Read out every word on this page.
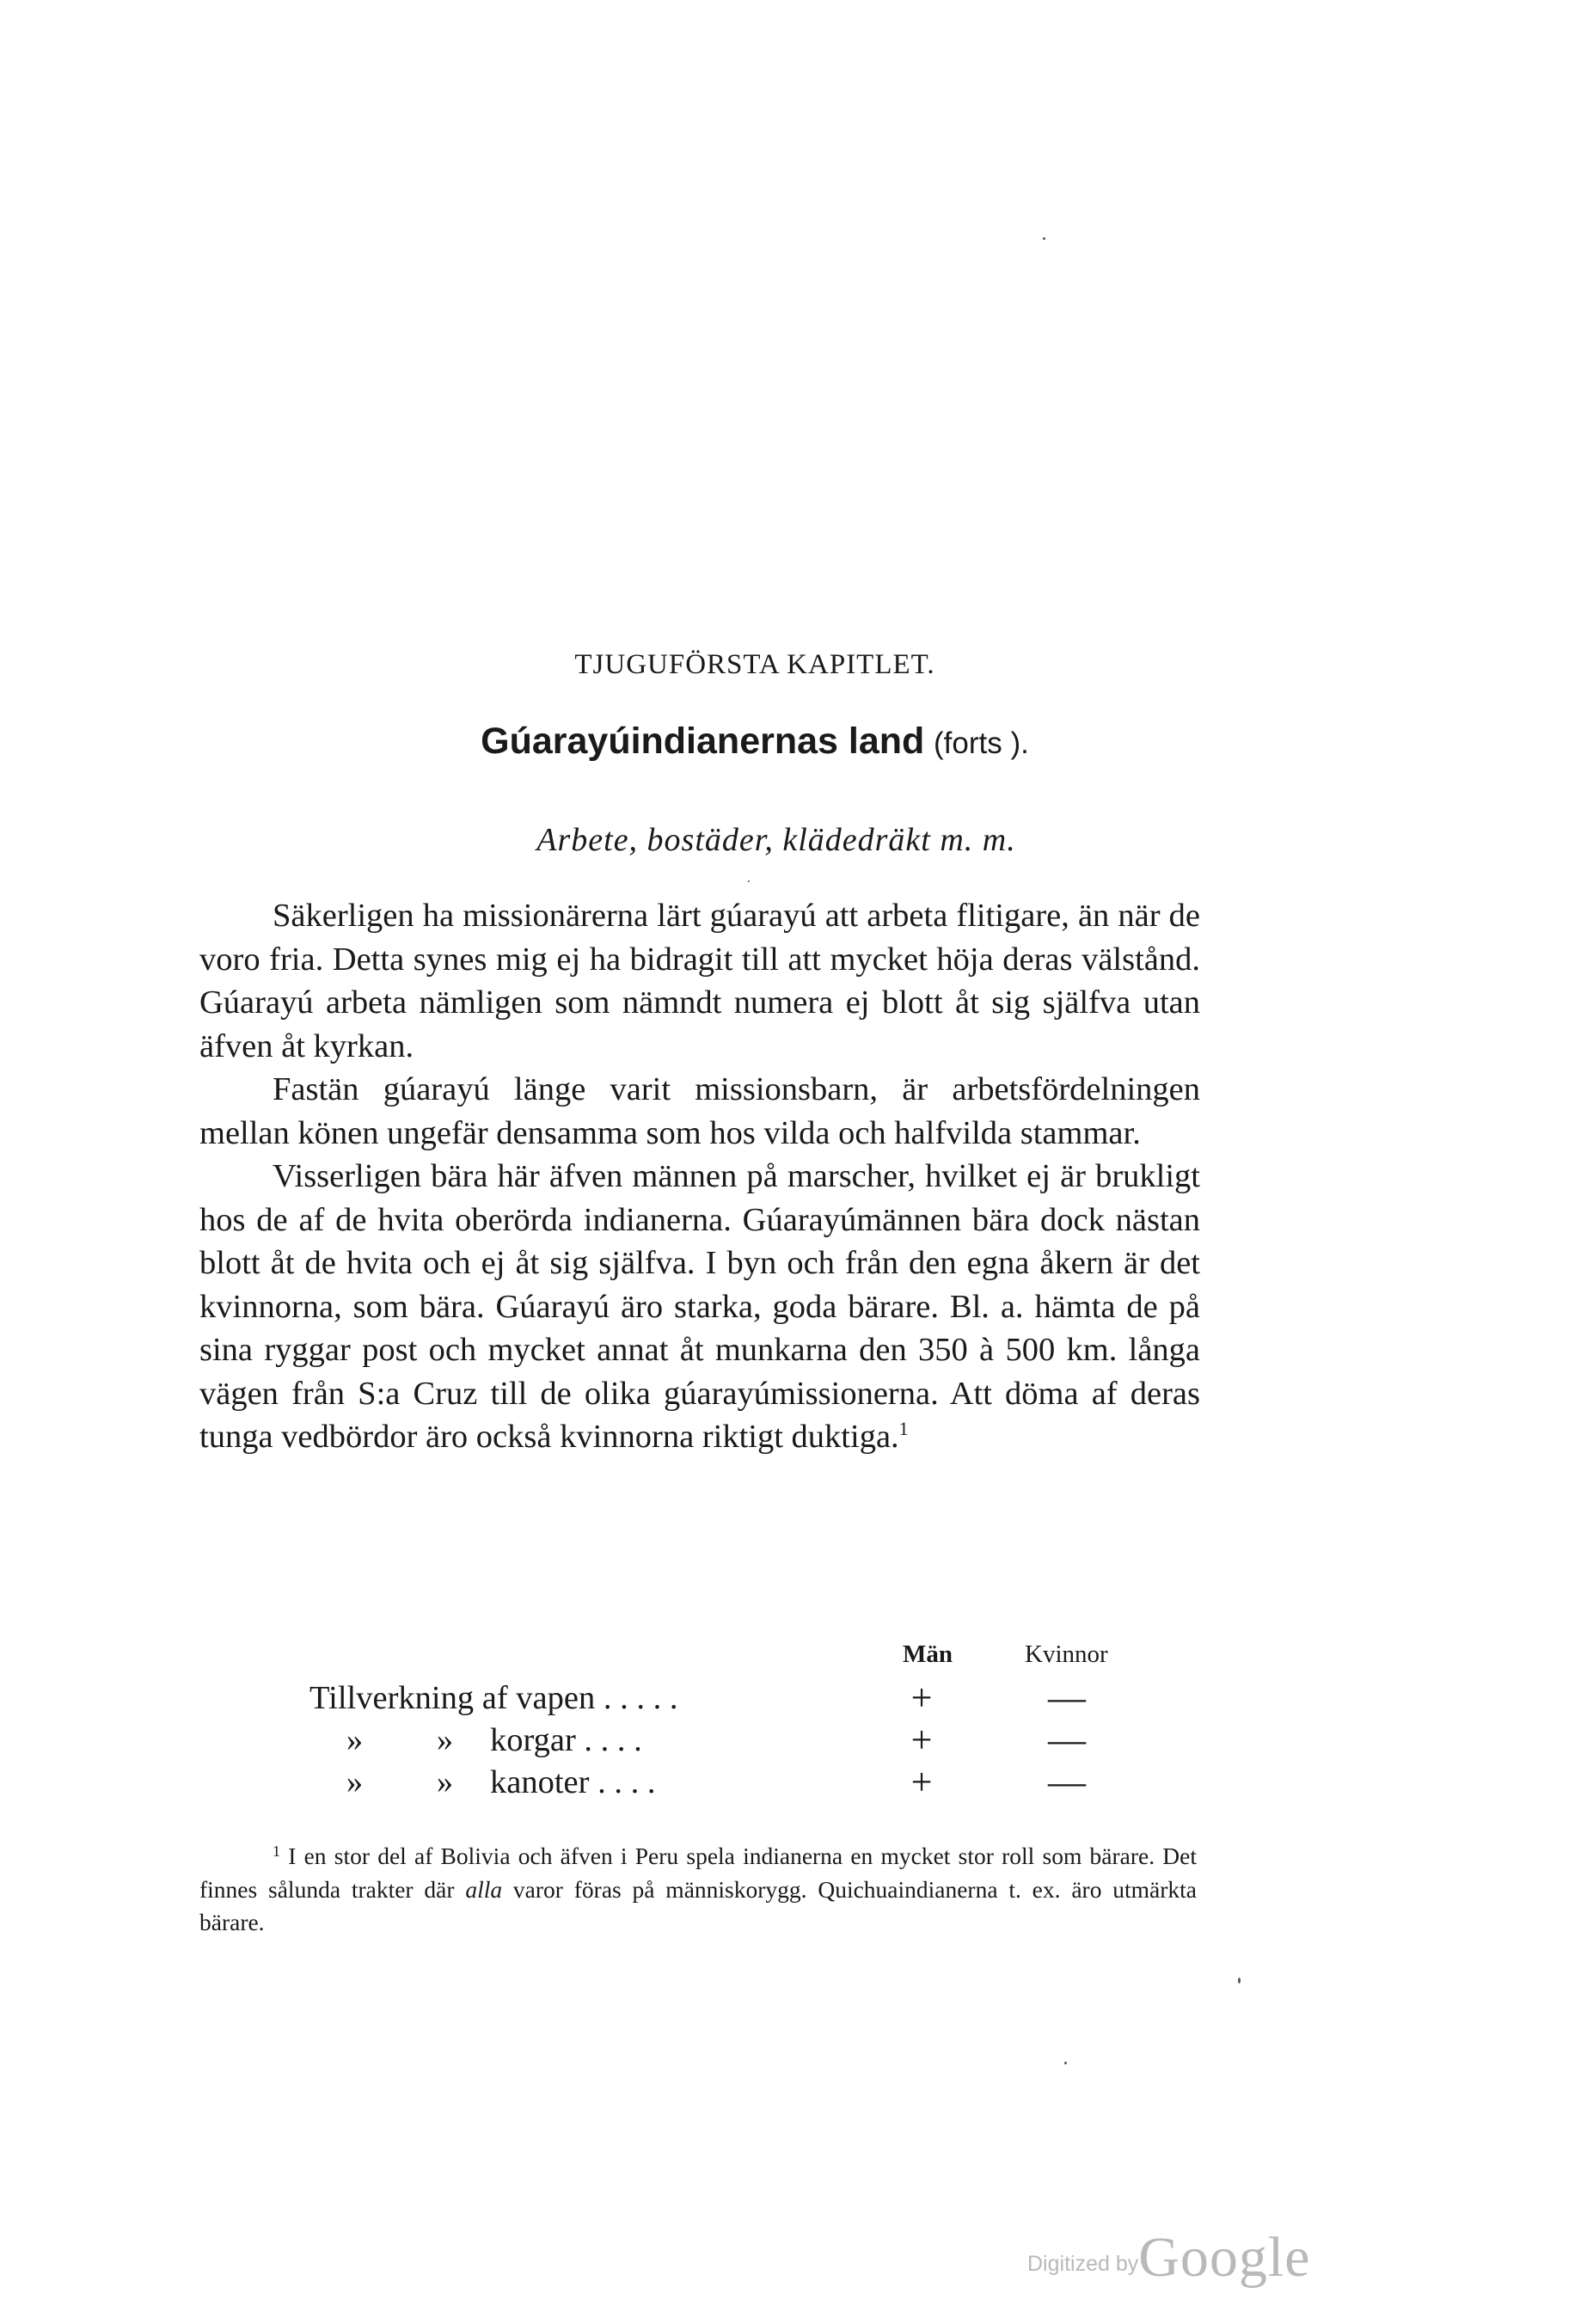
TJUGUFÖRSTA KAPITLET.
Gúarayúindianernas land (forts ).
Arbete, bostäder, klädedräkt m. m.

Säkerligen ha missionärerna lärt gúarayú att arbeta flitigare, än när de voro fria. Detta synes mig ej ha bidragit till att mycket höja deras välstånd. Gúarayú arbeta nämligen som nämndt numera ej blott åt sig själfva utan äfven åt kyrkan.

Fastän gúarayú länge varit missionsbarn, är arbetsfördelningen mellan könen ungefär densamma som hos vilda och halfvilda stammar.

Visserligen bära här äfven männen på marscher, hvilket ej är brukligt hos de af de hvita oberörda indianerna. Gúarayúmännen bära dock nästan blott åt de hvita och ej åt sig själfva. I byn och från den egna åkern är det kvinnorna, som bära. Gúarayú äro starka, goda bärare. Bl. a. hämta de på sina ryggar post och mycket annat åt munkarna den 350 à 500 km. långa vägen från S:a Cruz till de olika gúarayúmissionerna. Att döma af deras tunga vedbördor äro också kvinnorna riktigt duktiga.$^1$

Män	Kvinnor
Tillverkning af vapen . . . . .	+	—
» » korgar . . . .	+	—
» » kanoter . . . .	+	—

$^1$ I en stor del af Bolivia och äfven i Peru spela indianerna en mycket stor roll som bärare. Det finnes sålunda trakter där alla varor föras på människorygg. Quichuaindianerna t. ex. äro utmärkta bärare.

Digitized byGoogle
